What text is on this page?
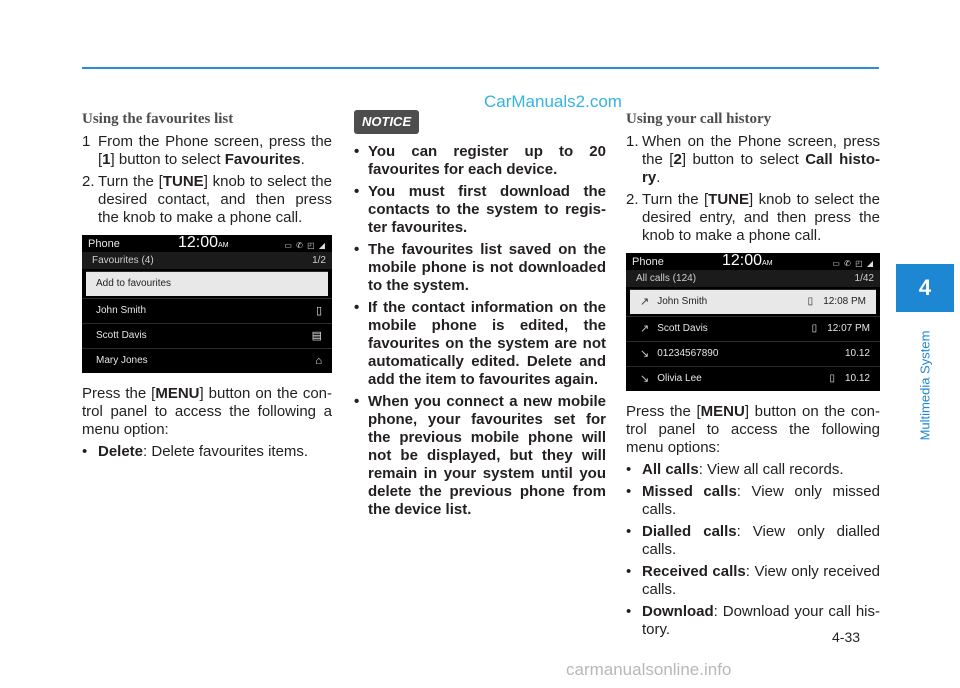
CarManuals2.com
4
Multimedia System
4-33
Using the favourites list
1 From the Phone screen, press the [1] button to select Favourites.
2. Turn the [TUNE] knob to select the desired contact, and then press the knob to make a phone call.
Phone	12:00AM	▭ ✆ ◰ ◢
Favourites (4)	1/2
Add to favourites
John Smith	▯
Scott Davis	▤
Mary Jones	⌂

Press the [MENU] button on the con- trol panel to access the following a menu option:

• Delete: Delete favourites items.
NOTICE
• You can register up to 20 favourites for each device.
• You must first download the contacts to the system to regis- ter favourites.
• The favourites list saved on the mobile phone is not downloaded to the system.
• If the contact information on the mobile phone is edited, the favourites on the system are not automatically edited. Delete and add the item to favourites again.
• When you connect a new mobile phone, your favourites set for the previous mobile phone will not be displayed, but they will remain in your system until you delete the previous phone from the device list.
Using your call history
1. When on the Phone screen, press the [2] button to select Call histo- ry.
2. Turn the [TUNE] knob to select the desired entry, and then press the knob to make a phone call.
Phone	12:00AM	▭ ✆ ◰ ◢
All calls (124)	1/42
↗ John Smith	▯ 12:08 PM
↗ Scott Davis	▯ 12:07 PM
↘ 01234567890	10.12
↘ Olivia Lee	▯ 10.12

Press the [MENU] button on the con- trol panel to access the following menu options:

• All calls: View all call records.
• Missed calls: View only missed calls.
• Dialled calls: View only dialled calls.
• Received calls: View only received calls.
• Download: Download your call his- tory.
carmanualsonline.info
